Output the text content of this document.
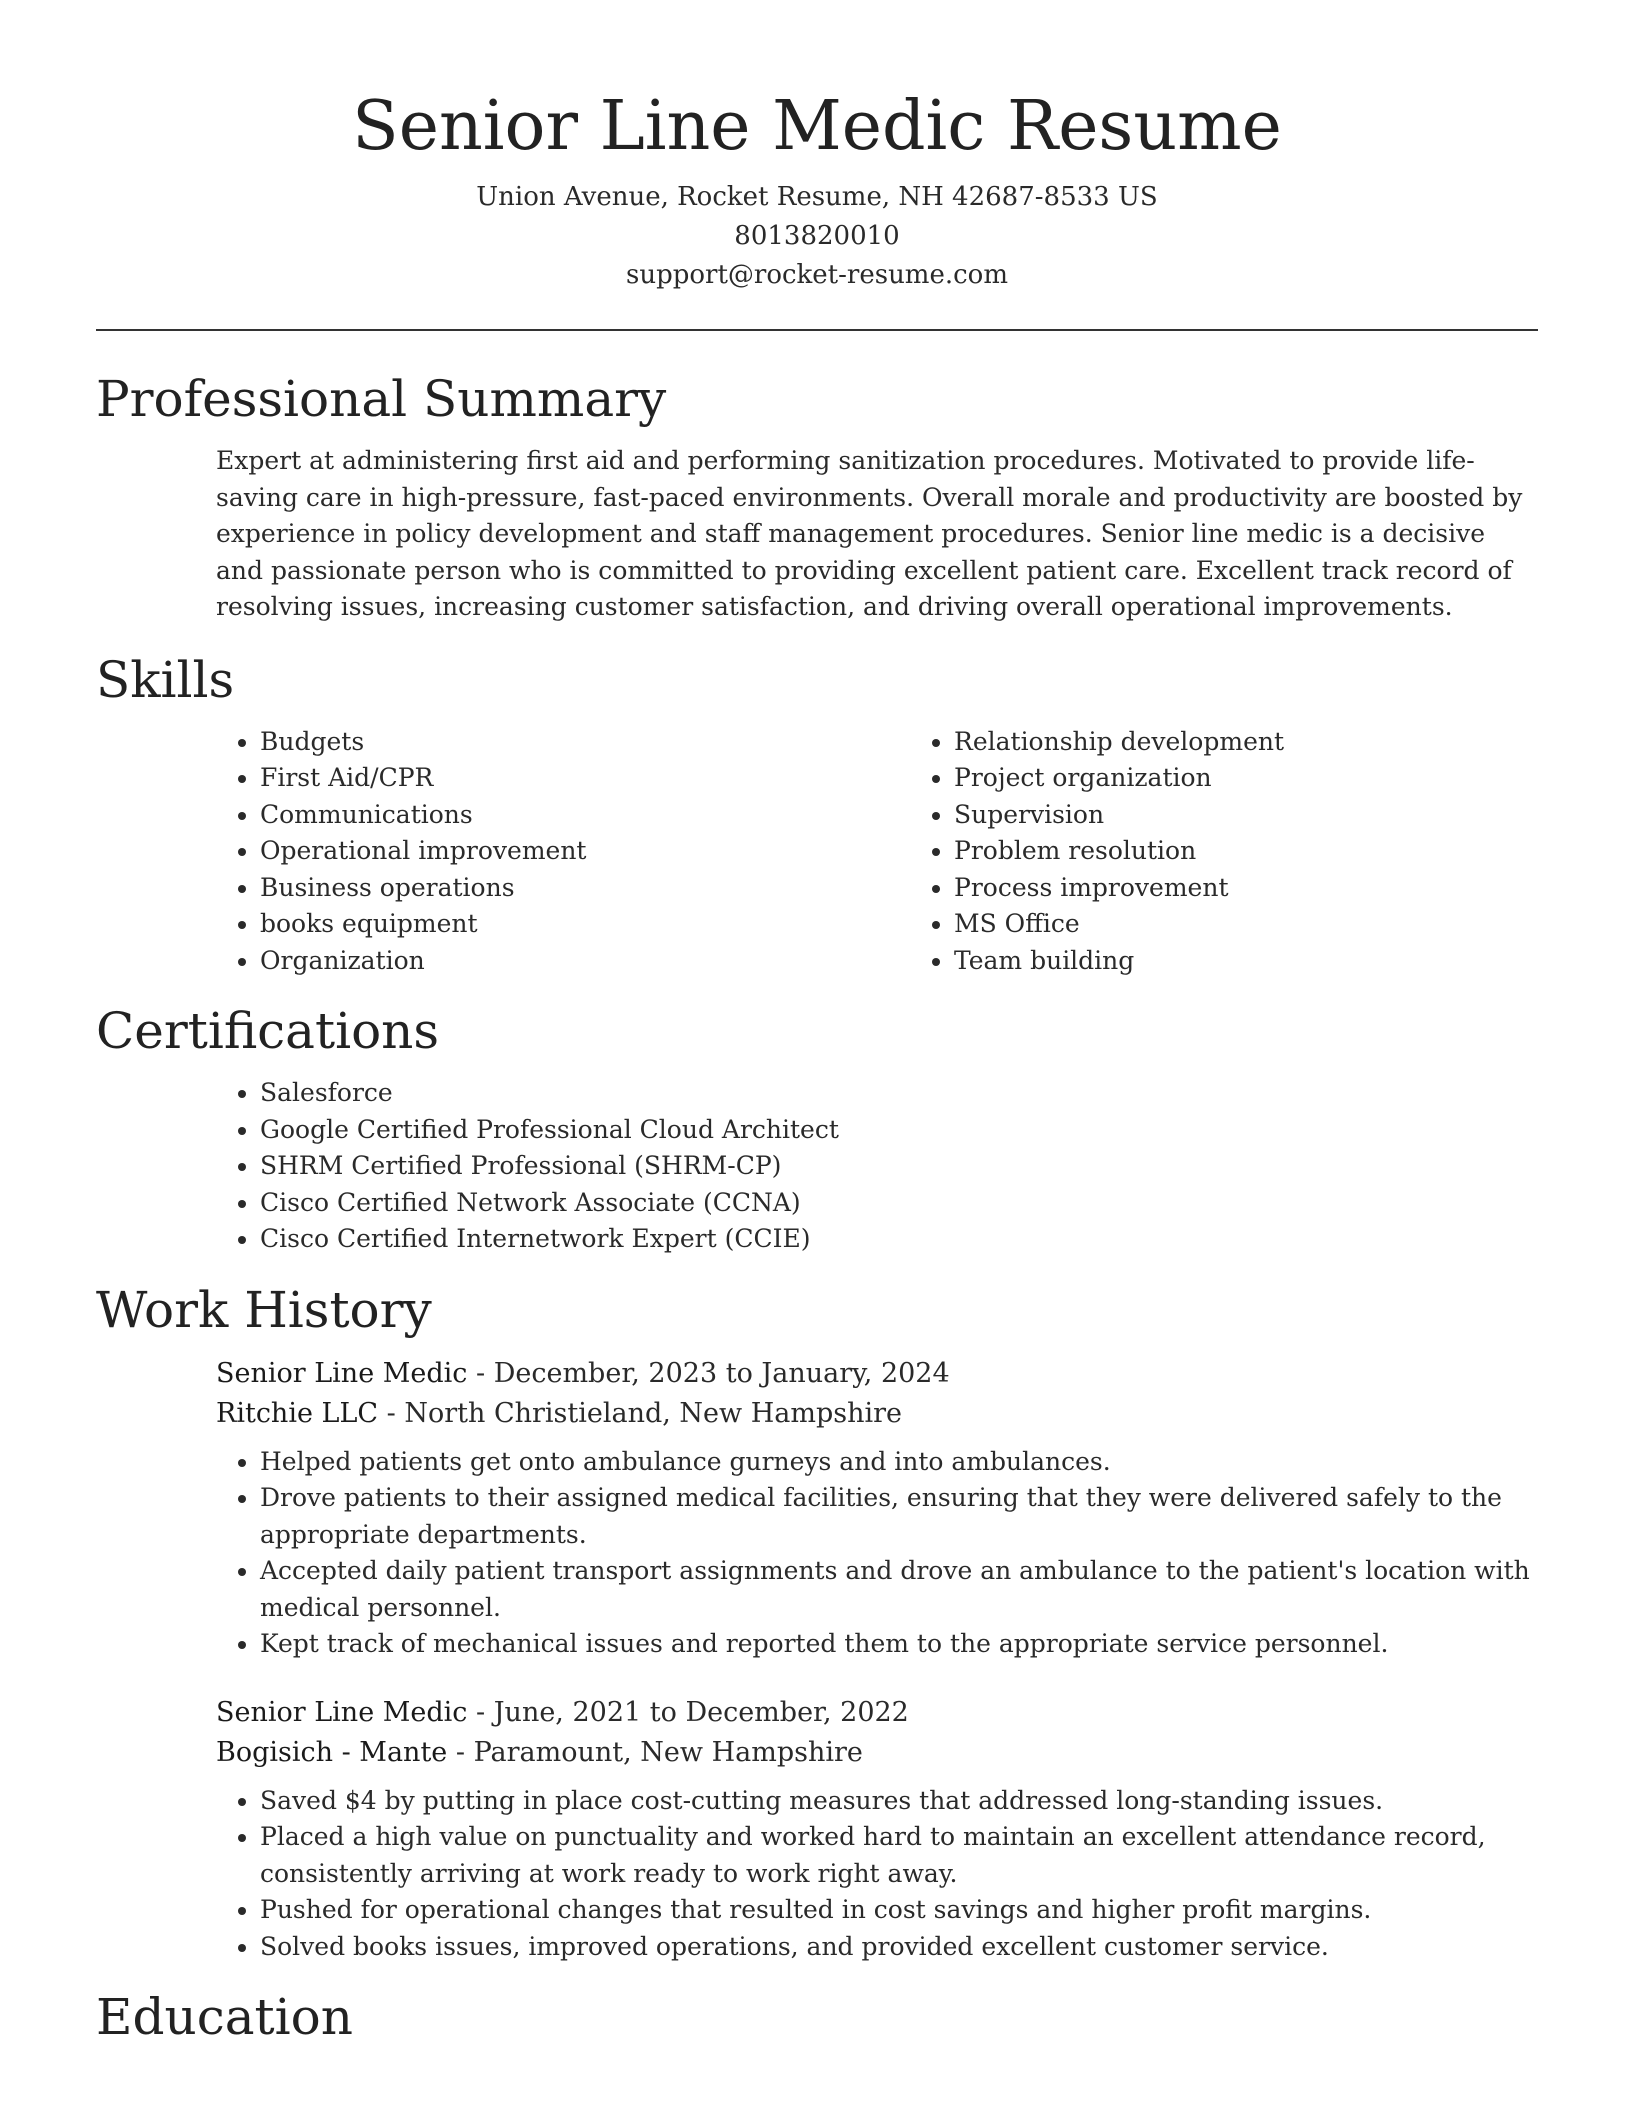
Senior Line Medic Resume

Union Avenue, Rocket Resume, NH 42687-8533 US

8013820010

support@rocket-resume.com

Professional Summary

Expert at administering first aid and performing sanitization procedures. Motivated to provide life-saving care in high-pressure, fast-paced environments. Overall morale and productivity are boosted by experience in policy development and staff management procedures. Senior line medic is a decisive and passionate person who is committed to providing excellent patient care. Excellent track record of resolving issues, increasing customer satisfaction, and driving overall operational improvements.

Skills
• Budgets
• First Aid/CPR
• Communications
• Operational improvement
• Business operations
• books equipment
• Organization
• Relationship development
• Project organization
• Supervision
• Problem resolution
• Process improvement
• MS Office
• Team building
Certifications
• Salesforce
• Google Certified Professional Cloud Architect
• SHRM Certified Professional (SHRM-CP)
• Cisco Certified Network Associate (CCNA)
• Cisco Certified Internetwork Expert (CCIE)
Work History

Senior Line Medic - December, 2023 to January, 2024

Ritchie LLC - North Christieland, New Hampshire

• Helped patients get onto ambulance gurneys and into ambulances.
• Drove patients to their assigned medical facilities, ensuring that they were delivered safely to the appropriate departments.
• Accepted daily patient transport assignments and drove an ambulance to the patient's location with medical personnel.
• Kept track of mechanical issues and reported them to the appropriate service personnel.

Senior Line Medic - June, 2021 to December, 2022

Bogisich - Mante - Paramount, New Hampshire

• Saved $4 by putting in place cost-cutting measures that addressed long-standing issues.
• Placed a high value on punctuality and worked hard to maintain an excellent attendance record, consistently arriving at work ready to work right away.
• Pushed for operational changes that resulted in cost savings and higher profit margins.
• Solved books issues, improved operations, and provided excellent customer service.
Education
